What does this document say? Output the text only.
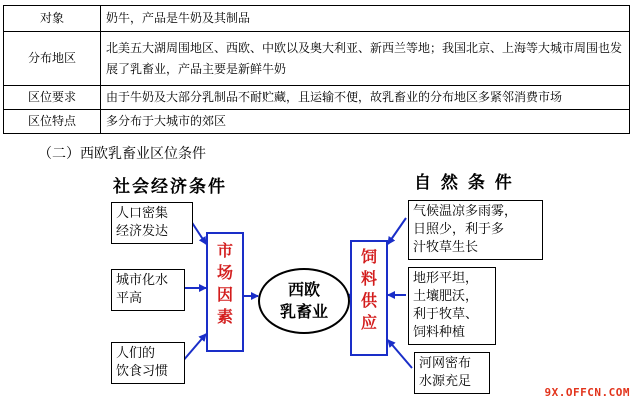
对象	奶牛，产品是牛奶及其制品
分布地区	北美五大湖周围地区、西欧、中欧以及奥大利亚、新西兰等地；我国北京、上海等大城市周围也发展了乳畜业，产品主要是新鲜牛奶
区位要求	由于牛奶及大部分乳制品不耐贮藏，且运输不便，故乳畜业的分布地区多紧邻消费市场
区位特点	多分布于大城市的郊区
（二）西欧乳畜业区位条件
社会经济条件	自 然 条 件
人口密集
经济发达
城市化水
平高
人们的
饮食习惯
市
场
因
素
西欧
乳畜业
饲
料
供
应
气候温凉多雨雾，
日照少，利于多
汁牧草生长
地形平坦，
土壤肥沃，
利于牧草、
饲料种植
河网密布
水源充足
9X.OFFCN.COM
